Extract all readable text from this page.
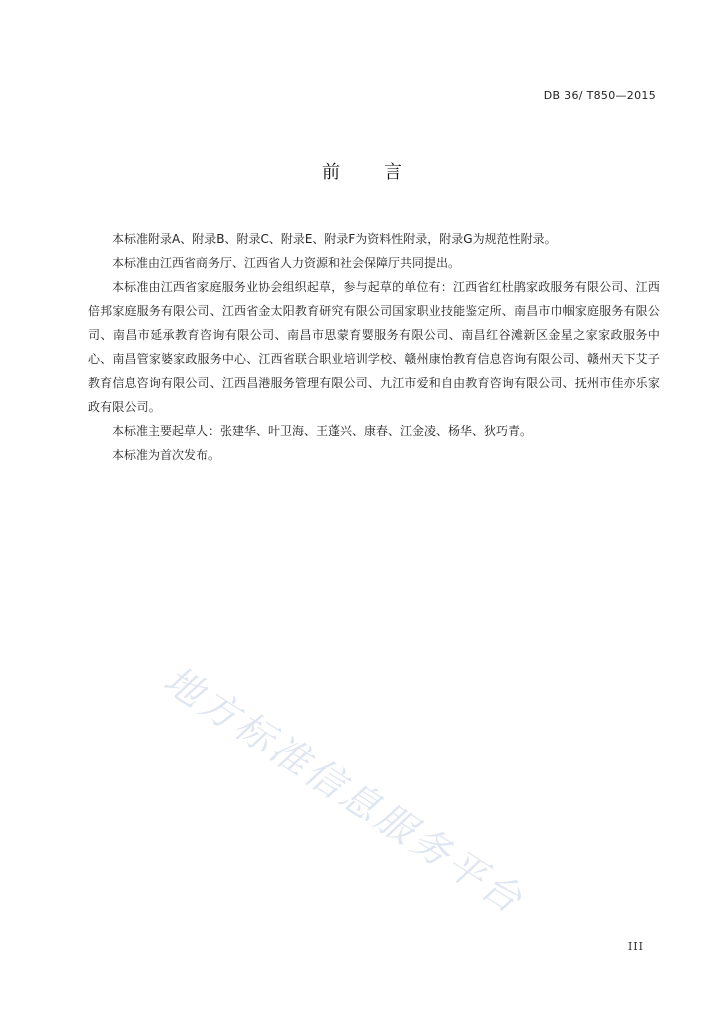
DB 36/ T850—2015
前言

本标准附录A、附录B、附录C、附录E、附录F为资料性附录，附录G为规范性附录。

本标准由江西省商务厅、江西省人力资源和社会保障厅共同提出。

本标准由江西省家庭服务业协会组织起草，参与起草的单位有：江西省红杜鹃家政服务有限公司、江西倍邦家庭服务有限公司、江西省金太阳教育研究有限公司国家职业技能鉴定所、南昌市巾帼家庭服务有限公司、南昌市延承教育咨询有限公司、南昌市思蒙育婴服务有限公司、南昌红谷滩新区金星之家家政服务中心、南昌管家婆家政服务中心、江西省联合职业培训学校、赣州康怡教育信息咨询有限公司、赣州天下艾子教育信息咨询有限公司、江西昌港服务管理有限公司、九江市爱和自由教育咨询有限公司、抚州市佳亦乐家政有限公司。

本标准主要起草人：张建华、叶卫海、王蓬兴、康春、江金凌、杨华、狄巧青。

本标准为首次发布。

地方标准信息服务平台
III
